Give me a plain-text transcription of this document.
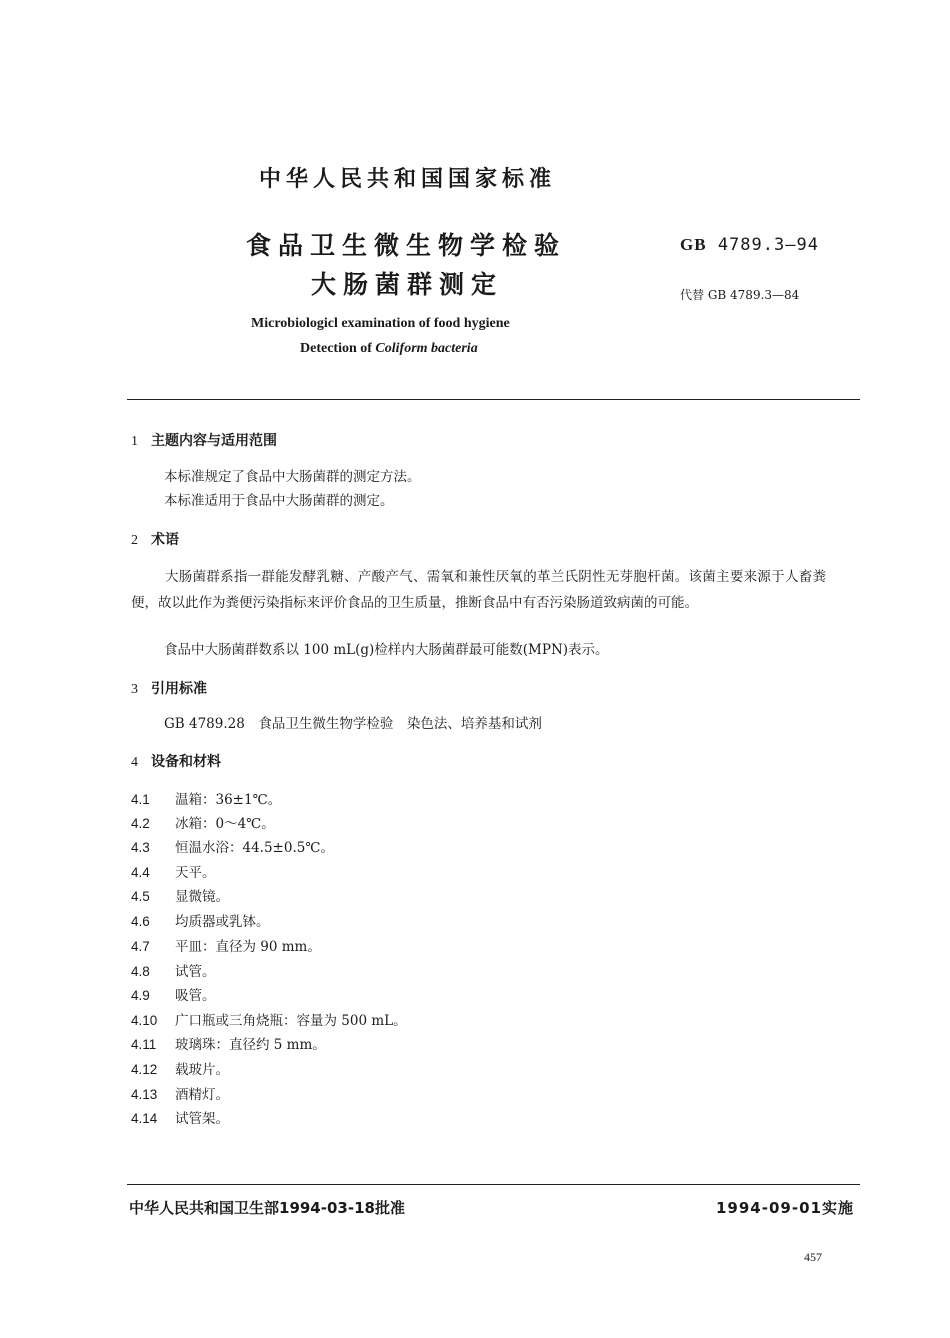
中华人民共和国国家标准
食品卫生微生物学检验
大肠菌群测定
GB 4789.3—94
代替 GB 4789.3—84
Microbiologicl examination of food hygiene
Detection of Coliform bacteria
1 主题内容与适用范围
本标准规定了食品中大肠菌群的测定方法。
本标准适用于食品中大肠菌群的测定。
2 术语
大肠菌群系指一群能发酵乳糖、产酸产气、需氧和兼性厌氧的革兰氏阴性无芽胞杆菌。该菌主要来源于人畜粪便，故以此作为粪便污染指标来评价食品的卫生质量，推断食品中有否污染肠道致病菌的可能。
食品中大肠菌群数系以 100 mL(g)检样内大肠菌群最可能数(MPN)表示。
3 引用标准
GB 4789.28　食品卫生微生物学检验　染色法、培养基和试剂
4 设备和材料
4.1 温箱：36±1℃。
4.2 冰箱：0～4℃。
4.3 恒温水浴：44.5±0.5℃。
4.4 天平。
4.5 显微镜。
4.6 均质器或乳钵。
4.7 平皿：直径为 90 mm。
4.8 试管。
4.9 吸管。
4.10 广口瓶或三角烧瓶：容量为 500 mL。
4.11 玻璃珠：直径约 5 mm。
4.12 载玻片。
4.13 酒精灯。
4.14 试管架。
中华人民共和国卫生部1994-03-18批准	1994-09-01实施
457
